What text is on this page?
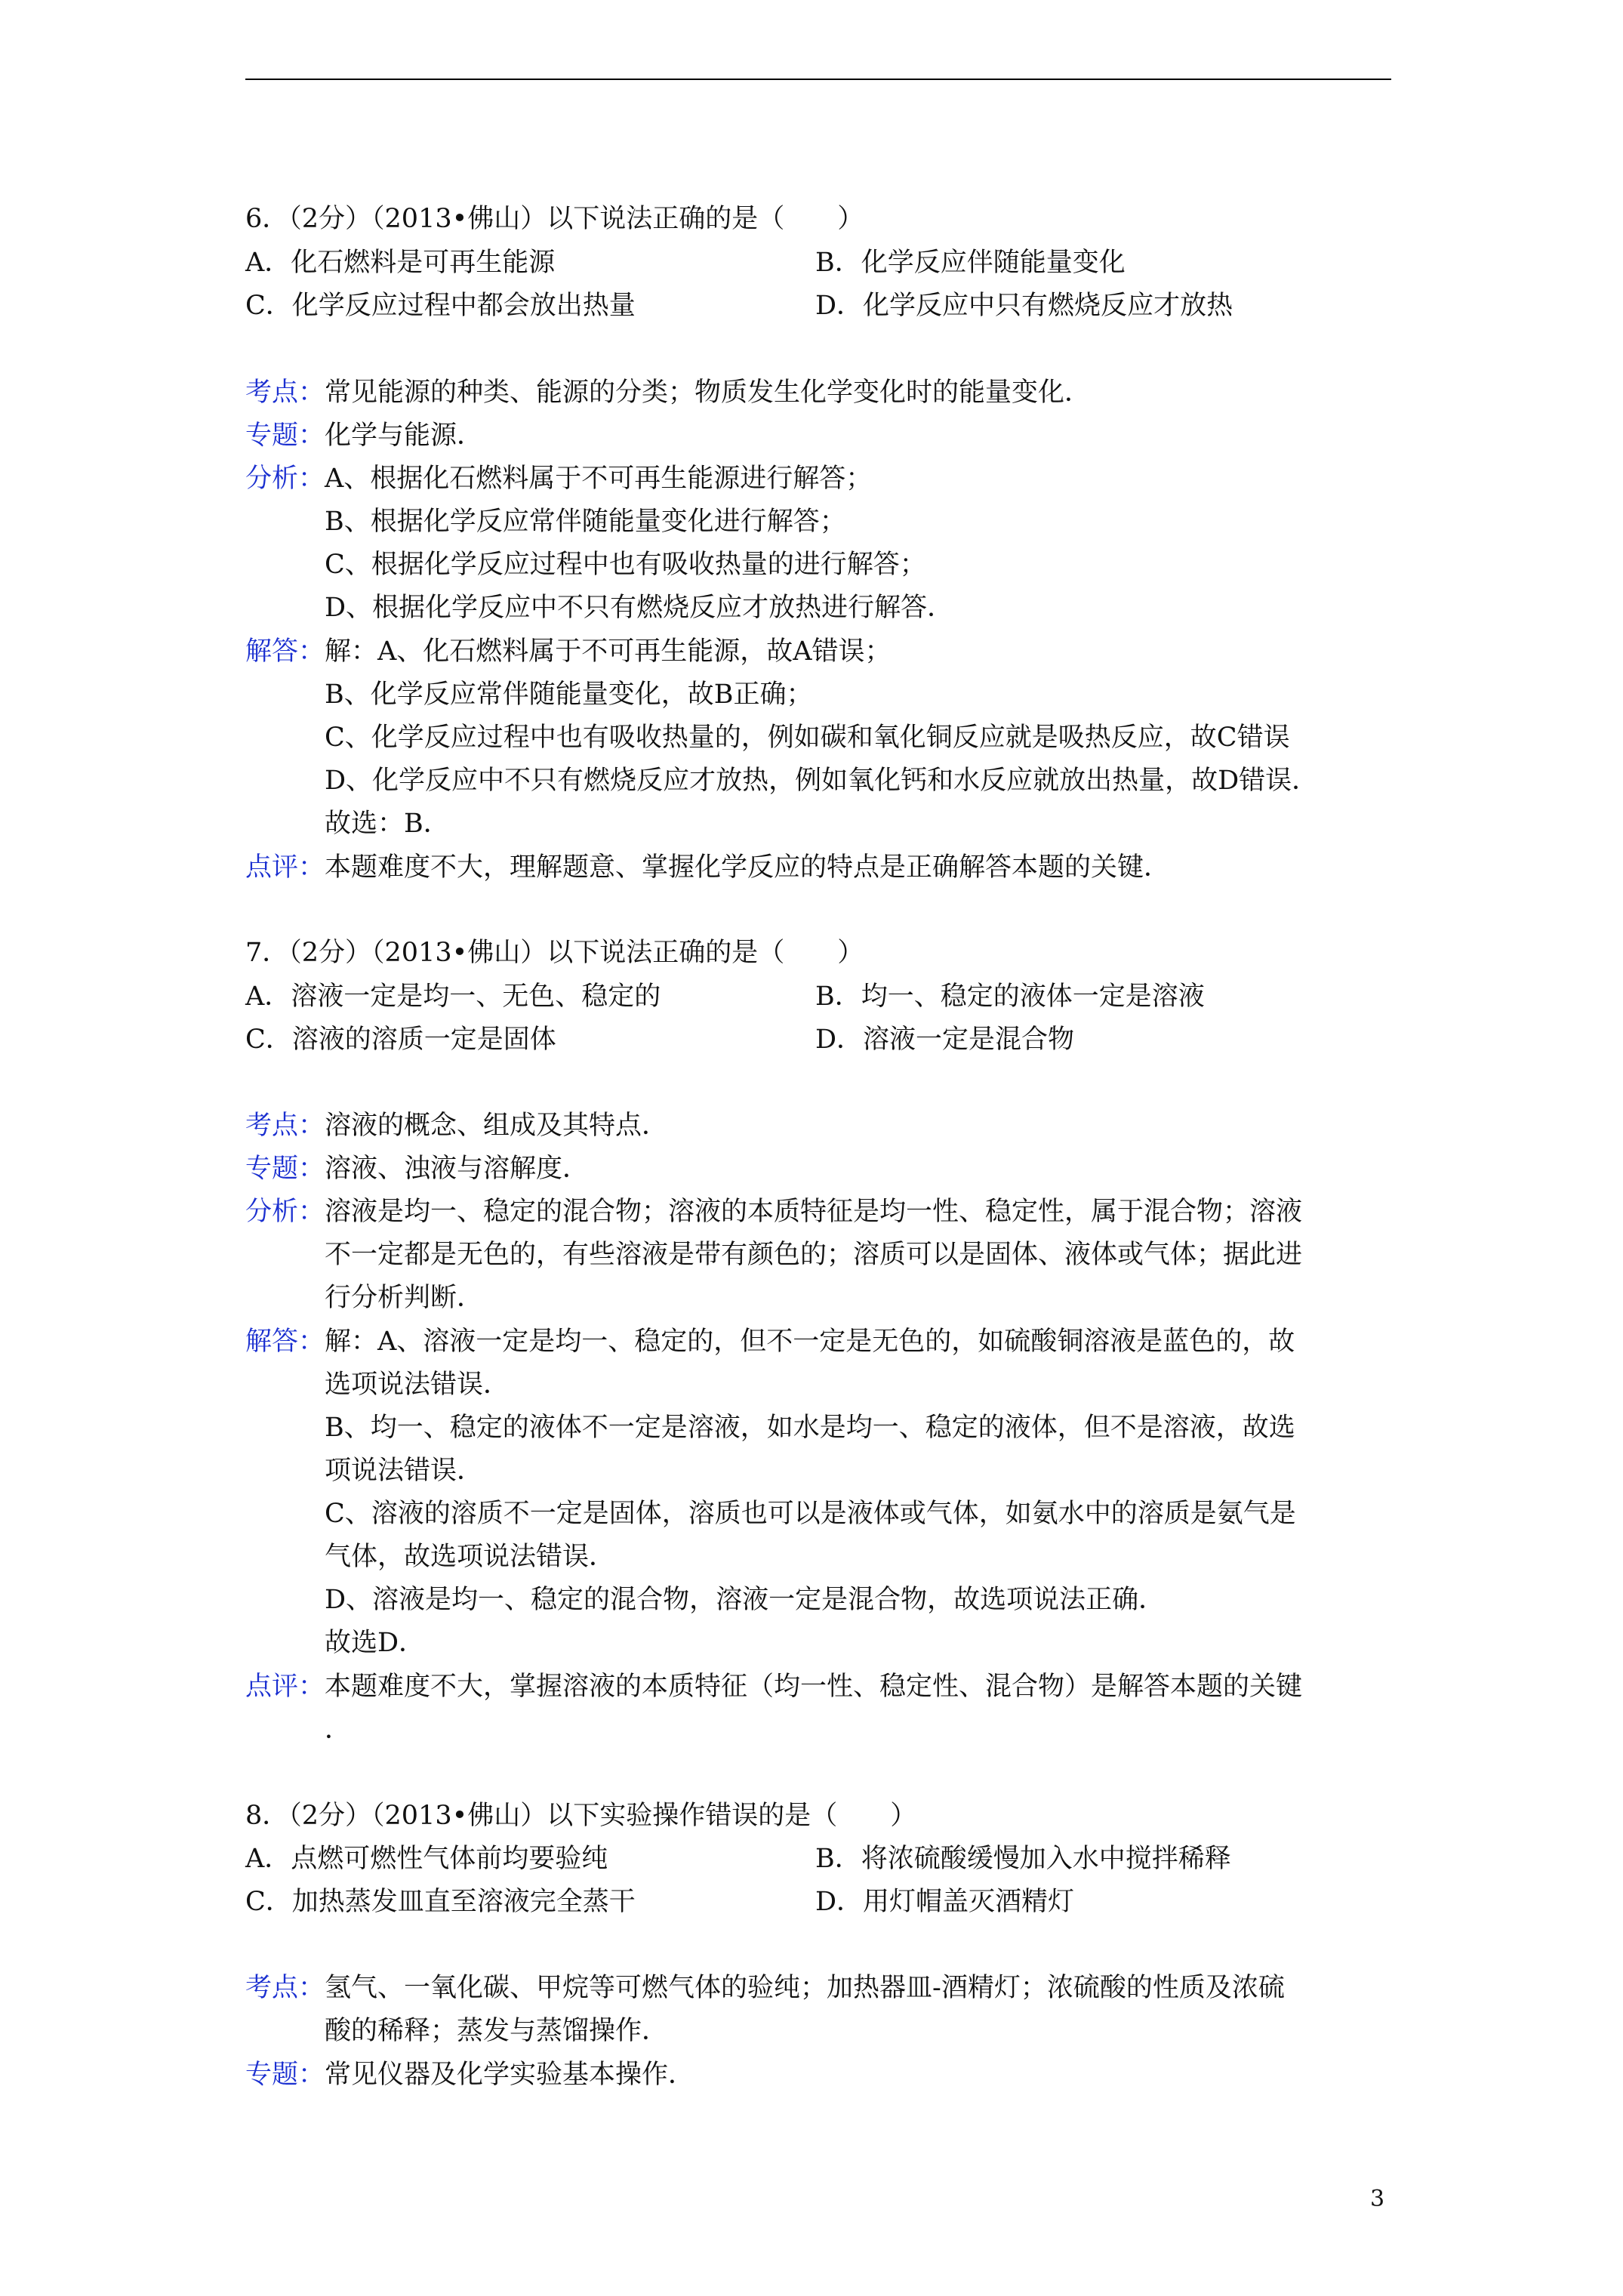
6．（2分）（2013•佛山）以下说法正确的是（　　）
A．化石燃料是可再生能源	B．化学反应伴随能量变化
C．化学反应过程中都会放出热量	D．化学反应中只有燃烧反应才放热
考点： 常见能源的种类、能源的分类；物质发生化学变化时的能量变化．
专题： 化学与能源．
分析： A、根据化石燃料属于不可再生能源进行解答；
B、根据化学反应常伴随能量变化进行解答；
C、根据化学反应过程中也有吸收热量的进行解答；
D、根据化学反应中不只有燃烧反应才放热进行解答．
解答： 解：A、化石燃料属于不可再生能源，故A错误；
B、化学反应常伴随能量变化，故B正确；
C、化学反应过程中也有吸收热量的，例如碳和氧化铜反应就是吸热反应，故C错误
D、化学反应中不只有燃烧反应才放热，例如氧化钙和水反应就放出热量，故D错误．
故选：B．
点评： 本题难度不大，理解题意、掌握化学反应的特点是正确解答本题的关键．
7．（2分）（2013•佛山）以下说法正确的是（　　）
A．溶液一定是均一、无色、稳定的	B．均一、稳定的液体一定是溶液
C．溶液的溶质一定是固体	D．溶液一定是混合物
考点： 溶液的概念、组成及其特点．
专题： 溶液、浊液与溶解度．
分析： 溶液是均一、稳定的混合物；溶液的本质特征是均一性、稳定性，属于混合物；溶液
不一定都是无色的，有些溶液是带有颜色的；溶质可以是固体、液体或气体；据此进
行分析判断．
解答： 解：A、溶液一定是均一、稳定的，但不一定是无色的，如硫酸铜溶液是蓝色的，故
选项说法错误．
B、均一、稳定的液体不一定是溶液，如水是均一、稳定的液体，但不是溶液，故选
项说法错误．
C、溶液的溶质不一定是固体，溶质也可以是液体或气体，如氨水中的溶质是氨气是
气体，故选项说法错误．
D、溶液是均一、稳定的混合物，溶液一定是混合物，故选项说法正确．
故选D．
点评： 本题难度不大，掌握溶液的本质特征（均一性、稳定性、混合物）是解答本题的关键
．
8．（2分）（2013•佛山）以下实验操作错误的是（　　）
A．点燃可燃性气体前均要验纯	B．将浓硫酸缓慢加入水中搅拌稀释
C．加热蒸发皿直至溶液完全蒸干	D．用灯帽盖灭酒精灯
考点： 氢气、一氧化碳、甲烷等可燃气体的验纯；加热器皿-酒精灯；浓硫酸的性质及浓硫
酸的稀释；蒸发与蒸馏操作．
专题： 常见仪器及化学实验基本操作．
3
